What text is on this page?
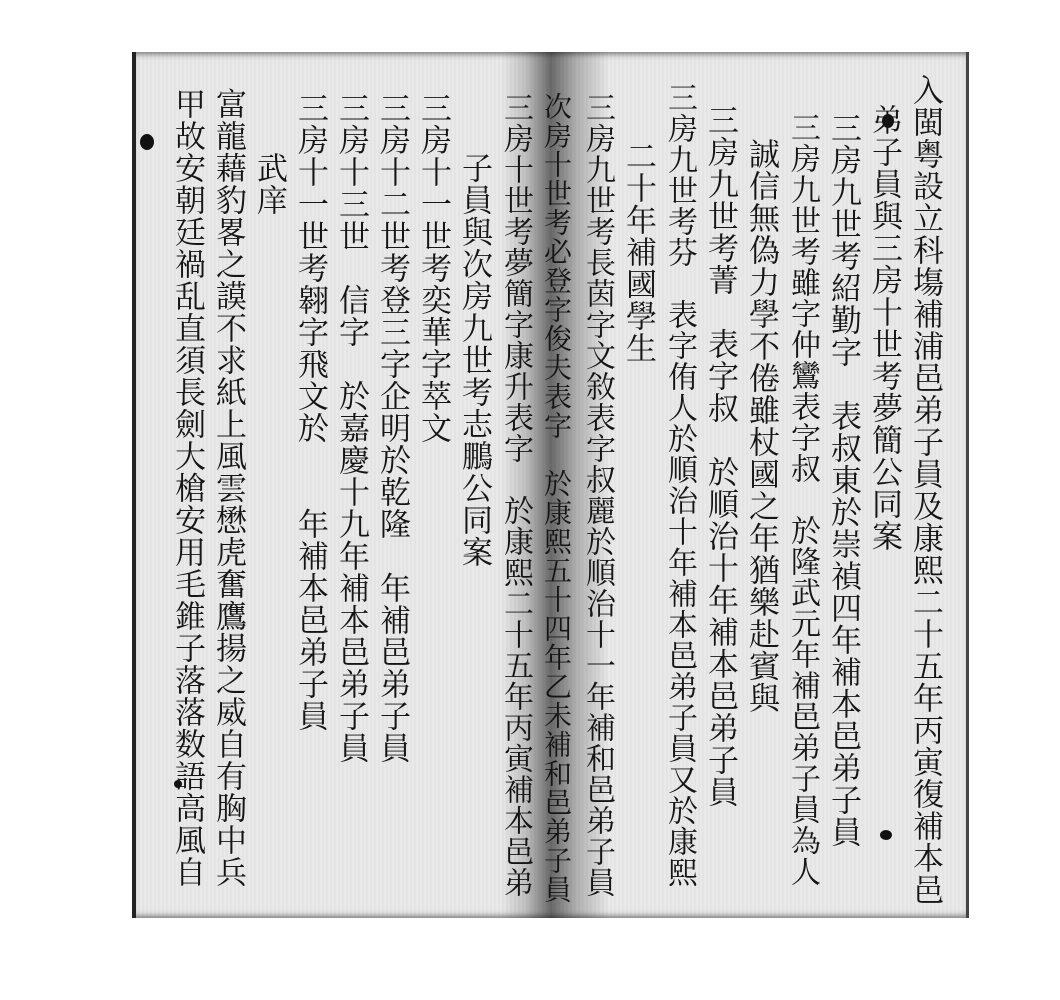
入閩粤設立科塲補浦邑弟子員及康熙二十五年丙寅復補本邑
弟子員與三房十世考夢簡公同案
三房九世考紹勤字　表叔東於崇禎四年補本邑弟子員
三房九世考雖字仲鸞表字叔　於隆武元年補邑弟子員為人
誠信無偽力學不倦雖杖國之年猶樂赴賓與
三房九世考菁　表字叔　於順治十年補本邑弟子員
三房九世考芬　表字侑人於順治十年補本邑弟子員又於康熙
二十年補國學生
三房九世考長茵字文敘表字叔麗於順治十一年補和邑弟子員
次房十世考必登字俊夫表字　於康熙五十四年乙未補和邑弟子員
三房十世考夢簡字康升表字　於康熙二十五年丙寅補本邑弟
子員與次房九世考志鵬公同案
三房十一世考奕華字萃文
三房十二世考登三字企明於乾隆　年補邑弟子員
三房十三世　信字　於嘉慶十九年補本邑弟子員
三房十一世考翱字飛文於　　年補本邑弟子員
武庠
富龍藉豹畧之謨不求紙上風雲懋虎奮鷹揚之威自有胸中兵
甲故安朝廷禍乱直須長劍大槍安用毛錐子落落数語高風自
